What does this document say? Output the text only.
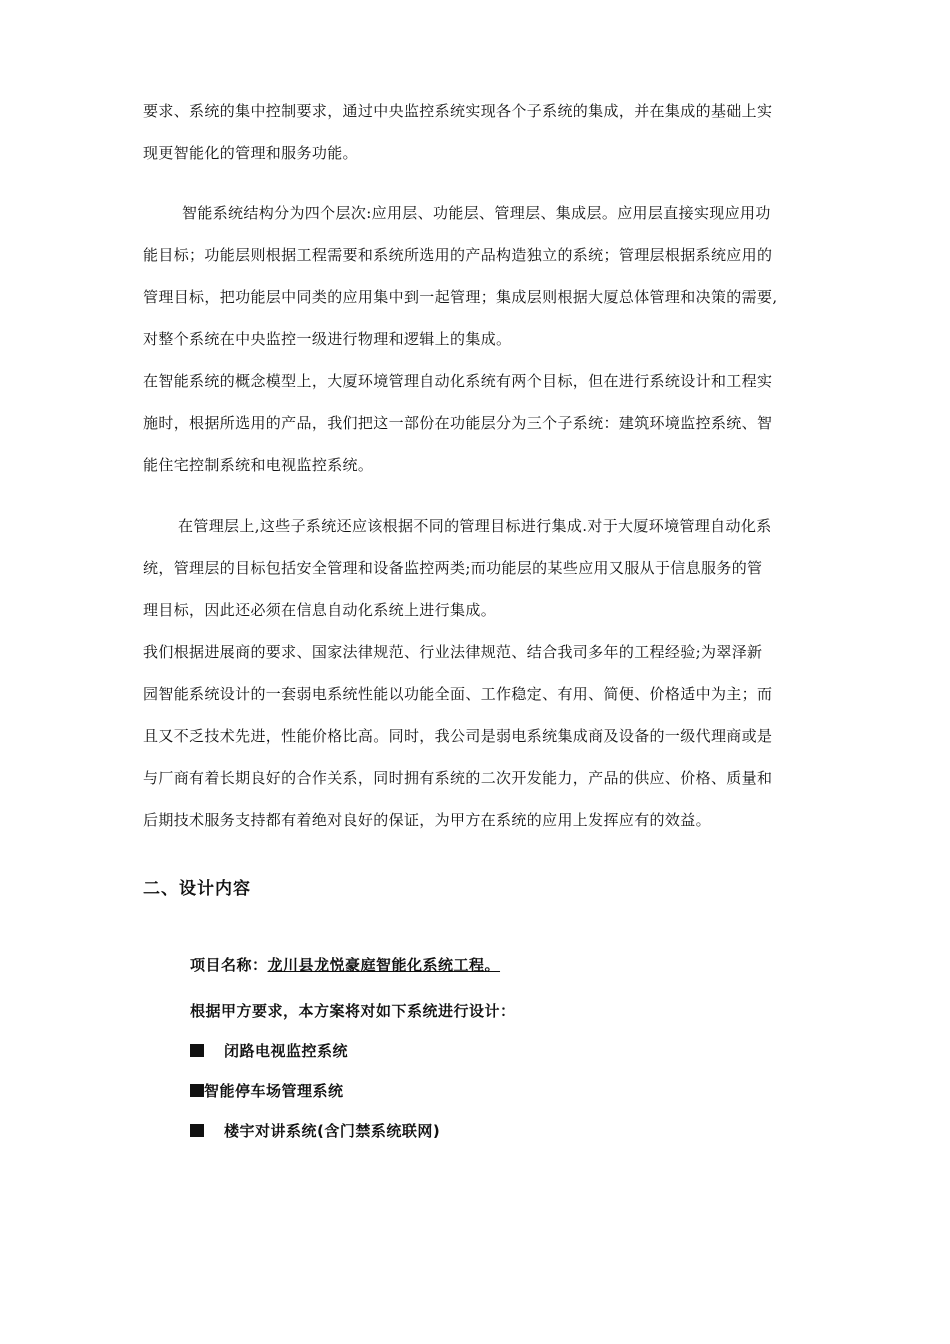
要求、系统的集中控制要求，通过中央监控系统实现各个子系统的集成，并在集成的基础上实
现更智能化的管理和服务功能。
智能系统结构分为四个层次:应用层、功能层、管理层、集成层。应用层直接实现应用功
能目标；功能层则根据工程需要和系统所选用的产品构造独立的系统；管理层根据系统应用的
管理目标，把功能层中同类的应用集中到一起管理；集成层则根据大厦总体管理和决策的需要,
对整个系统在中央监控一级进行物理和逻辑上的集成。
在智能系统的概念模型上，大厦环境管理自动化系统有两个目标，但在进行系统设计和工程实
施时，根据所选用的产品，我们把这一部份在功能层分为三个子系统：建筑环境监控系统、智
能住宅控制系统和电视监控系统。
在管理层上,这些子系统还应该根据不同的管理目标进行集成.对于大厦环境管理自动化系
统，管理层的目标包括安全管理和设备监控两类;而功能层的某些应用又服从于信息服务的管
理目标，因此还必须在信息自动化系统上进行集成。
我们根据进展商的要求、国家法律规范、行业法律规范、结合我司多年的工程经验;为翠泽新
园智能系统设计的一套弱电系统性能以功能全面、工作稳定、有用、简便、价格适中为主；而
且又不乏技术先进，性能价格比高。同时，我公司是弱电系统集成商及设备的一级代理商或是
与厂商有着长期良好的合作关系，同时拥有系统的二次开发能力，产品的供应、价格、质量和
后期技术服务支持都有着绝对良好的保证，为甲方在系统的应用上发挥应有的效益。
二、设计内容
项目名称：龙川县龙悦豪庭智能化系统工程。
根据甲方要求，本方案将对如下系统进行设计：
闭路电视监控系统
智能停车场管理系统
楼宇对讲系统(含门禁系统联网)
